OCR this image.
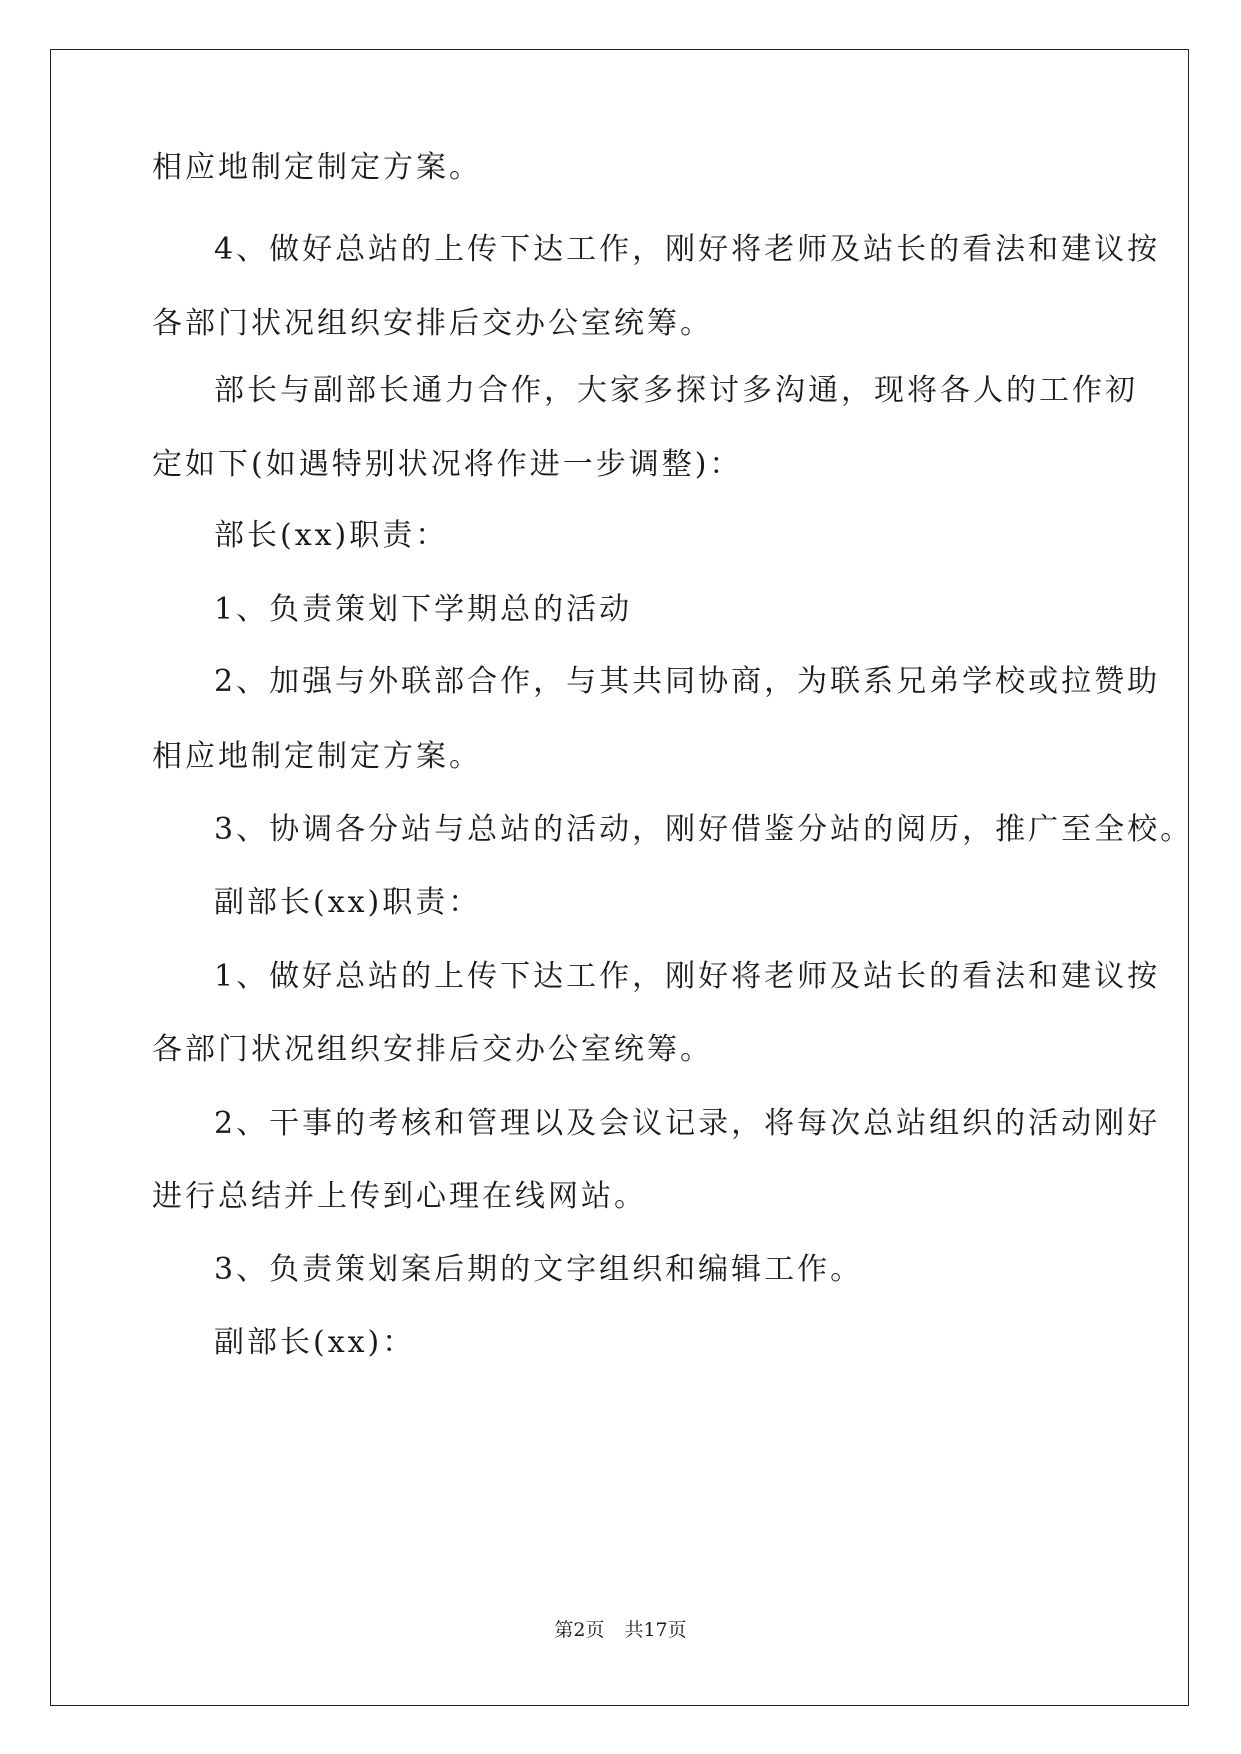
相应地制定制定方案。
4、做好总站的上传下达工作，刚好将老师及站长的看法和建议按
各部门状况组织安排后交办公室统筹。
部长与副部长通力合作，大家多探讨多沟通，现将各人的工作初
定如下(如遇特别状况将作进一步调整)：
部长(xx)职责：
1、负责策划下学期总的活动
2、加强与外联部合作，与其共同协商，为联系兄弟学校或拉赞助
相应地制定制定方案。
3、协调各分站与总站的活动，刚好借鉴分站的阅历，推广至全校。
副部长(xx)职责：
1、做好总站的上传下达工作，刚好将老师及站长的看法和建议按
各部门状况组织安排后交办公室统筹。
2、干事的考核和管理以及会议记录，将每次总站组织的活动刚好
进行总结并上传到心理在线网站。
3、负责策划案后期的文字组织和编辑工作。
副部长(xx)：
第2页 共17页
